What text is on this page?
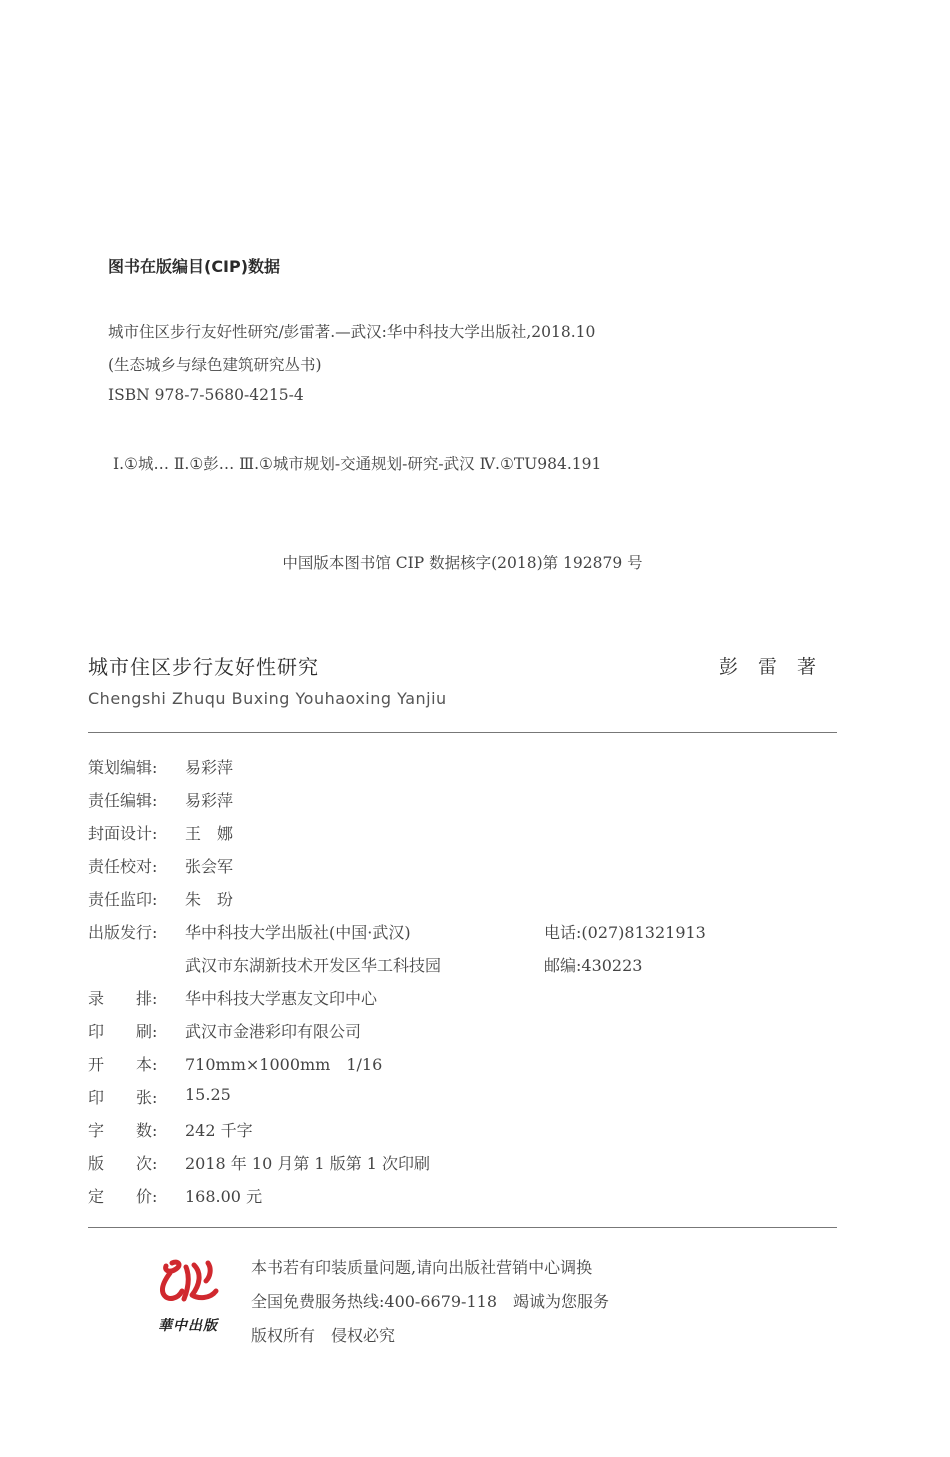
图书在版编目(CIP)数据
城市住区步行友好性研究/彭雷著.—武汉:华中科技大学出版社,2018.10
(生态城乡与绿色建筑研究丛书)
ISBN 978-7-5680-4215-4
Ⅰ.①城… Ⅱ.①彭… Ⅲ.①城市规划-交通规划-研究-武汉 Ⅳ.①TU984.191
中国版本图书馆 CIP 数据核字(2018)第 192879 号
城市住区步行友好性研究	彭雷著
Chengshi Zhuqu Buxing Youhaoxing Yanjiu
策划编辑:	易彩萍
责任编辑:	易彩萍
封面设计:	王　娜
责任校对:	张会军
责任监印:	朱　玢
出版发行:	华中科技大学出版社(中国·武汉)	电话:(027)81321913
武汉市东湖新技术开发区华工科技园	邮编:430223
录　　排:	华中科技大学惠友文印中心
印　　刷:	武汉市金港彩印有限公司
开　　本:	710mm×1000mm　1/16
印　　张:	15.25
字　　数:	242 千字
版　　次:	2018 年 10 月第 1 版第 1 次印刷
定　　价:	168.00 元
華中出版
本书若有印装质量问题,请向出版社营销中心调换
全国免费服务热线:400-6679-118　竭诚为您服务
版权所有　侵权必究
